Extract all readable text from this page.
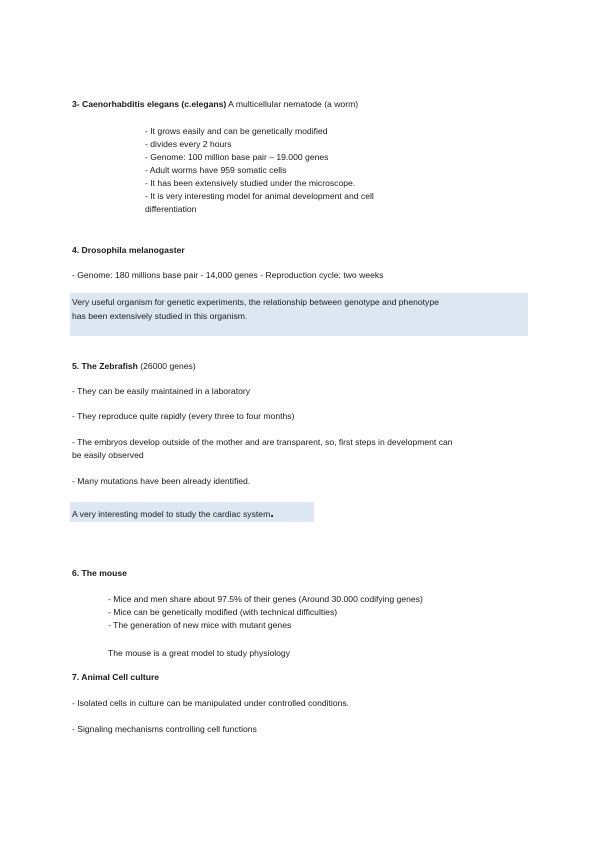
3- Caenorhabditis elegans (c.elegans) A multicellular nematode (a worm)
- It grows easily and can be genetically modified
- divides every 2 hours
- Genome: 100 million base pair – 19.000 genes
- Adult worms have 959 somatic cells
- It has been extensively studied under the microscope.
- It is very interesting model for animal development and cell
differentiation
4. Drosophila melanogaster
- Genome: 180 millions base pair - 14,000 genes - Reproduction cycle: two weeks
Very useful organism for genetic experiments, the relationship between genotype and phenotype
has been extensively studied in this organism.
5. The Zebrafish (26000 genes)
- They can be easily maintained in a laboratory
- They reproduce quite rapidly (every three to four months)
- The embryos develop outside of the mother and are transparent, so, first steps in development can
be easily observed
- Many mutations have been already identified.
A very interesting model to study the cardiac system.
6. The mouse
- Mice and men share about 97.5% of their genes (Around 30.000 codifying genes)
- Mice can be genetically modified (with technical difficulties)
- The generation of new mice with mutant genes
The mouse is a great model to study physiology
7. Animal Cell culture
- Isolated cells in culture can be manipulated under controlled conditions.
- Signaling mechanisms controlling cell functions
